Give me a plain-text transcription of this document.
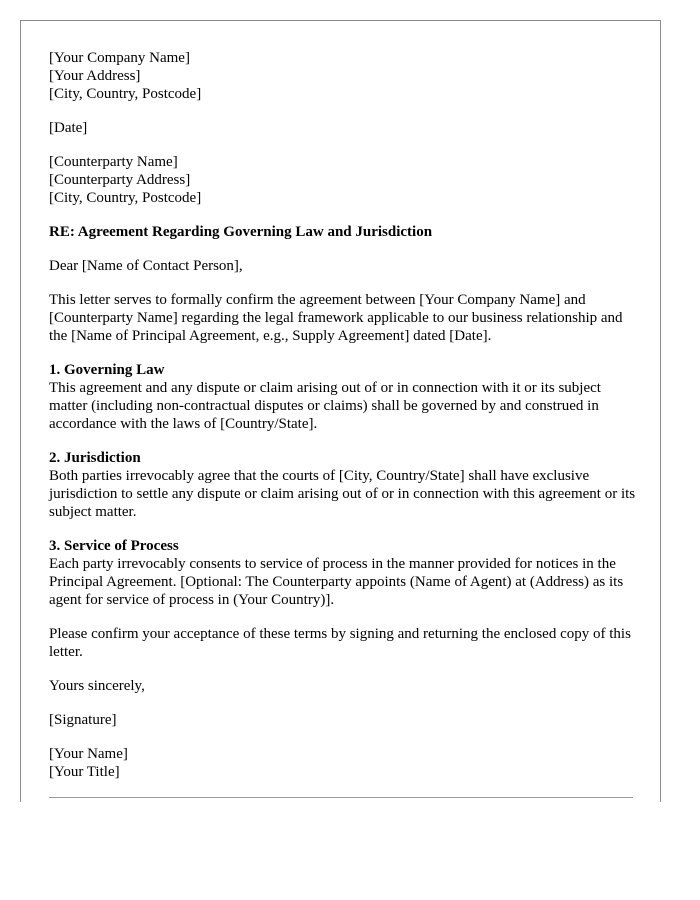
[Your Company Name]
[Your Address]
[City, Country, Postcode]
[Date]
[Counterparty Name]
[Counterparty Address]
[City, Country, Postcode]

RE: Agreement Regarding Governing Law and Jurisdiction

Dear [Name of Contact Person],

This letter serves to formally confirm the agreement between [Your Company Name] and [Counterparty Name] regarding the legal framework applicable to our business relationship and the [Name of Principal Agreement, e.g., Supply Agreement] dated [Date].

1. Governing Law
This agreement and any dispute or claim arising out of or in connection with it or its subject matter (including non-contractual disputes or claims) shall be governed by and construed in accordance with the laws of [Country/State].
2. Jurisdiction
Both parties irrevocably agree that the courts of [City, Country/State] shall have exclusive jurisdiction to settle any dispute or claim arising out of or in connection with this agreement or its subject matter.
3. Service of Process
Each party irrevocably consents to service of process in the manner provided for notices in the Principal Agreement. [Optional: The Counterparty appoints (Name of Agent) at (Address) as its agent for service of process in (Your Country)].

Please confirm your acceptance of these terms by signing and returning the enclosed copy of this letter.

Yours sincerely,

[Signature]

[Your Name]
[Your Title]
